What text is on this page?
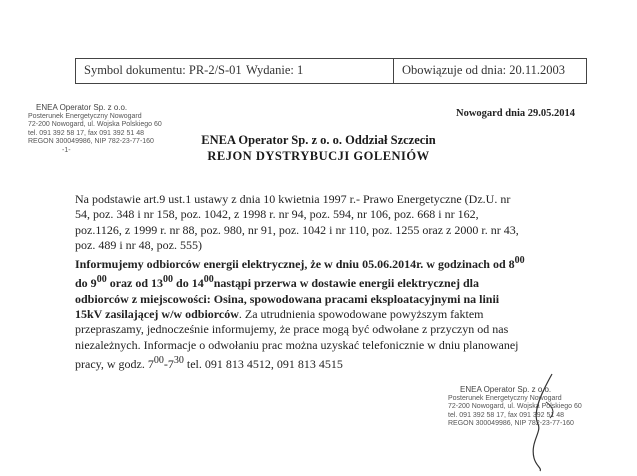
Symbol dokumentu: PR-2/S-01 Wydanie: 1	Obowiązuje od dnia: 20.11.2003
ENEA Operator Sp. z o.o.
Posterunek Energetyczny Nowogard
72-200 Nowogard, ul. Wojska Polskiego 60
tel. 091 392 58 17, fax 091 392 51 48
REGON 300049986, NIP 782-23-77-160
-1-
Nowogard dnia 29.05.2014
ENEA Operator Sp. z o. o. Oddział Szczecin
REJON DYSTRYBUCJI GOLENIÓW
Na podstawie art.9 ust.1 ustawy z dnia 10 kwietnia 1997 r.- Prawo Energetyczne (Dz.U. nr
54, poz. 348 i nr 158, poz. 1042, z 1998 r. nr 94, poz. 594, nr 106, poz. 668 i nr 162,
poz.1126, z 1999 r. nr 88, poz. 980, nr 91, poz. 1042 i nr 110, poz. 1255 oraz z 2000 r. nr 43,
poz. 489 i nr 48, poz. 555)
Informujemy odbiorców energii elektrycznej, że w dniu 05.06.2014r. w godzinach od $8^{00}$
do $9^{00}$ oraz od $13^{00}$ do $14^{00}nastąpi$ przerwa w dostawie energii elektrycznej dla
odbiorców z miejscowości: Osina, spowodowana pracami eksploatacyjnymi na linii
15kV zasilającej w/w odbiorców. Za utrudnienia spowodowane powyższym faktem
przepraszamy, jednocześnie informujemy, że prace mogą być odwołane z przyczyn od nas
niezależnych. Informacje o odwołaniu prac można uzyskać telefonicznie w dniu planowanej
pracy, w godz. $7^{00}-7^{30}$ tel. 091 813 4512, 091 813 4515
ENEA Operator Sp. z o.o.
Posterunek Energetyczny Nowogard
72-200 Nowogard, ul. Wojska Polskiego 60
tel. 091 392 58 17, fax 091 392 51 48
REGON 300049986, NIP 782-23-77-160
